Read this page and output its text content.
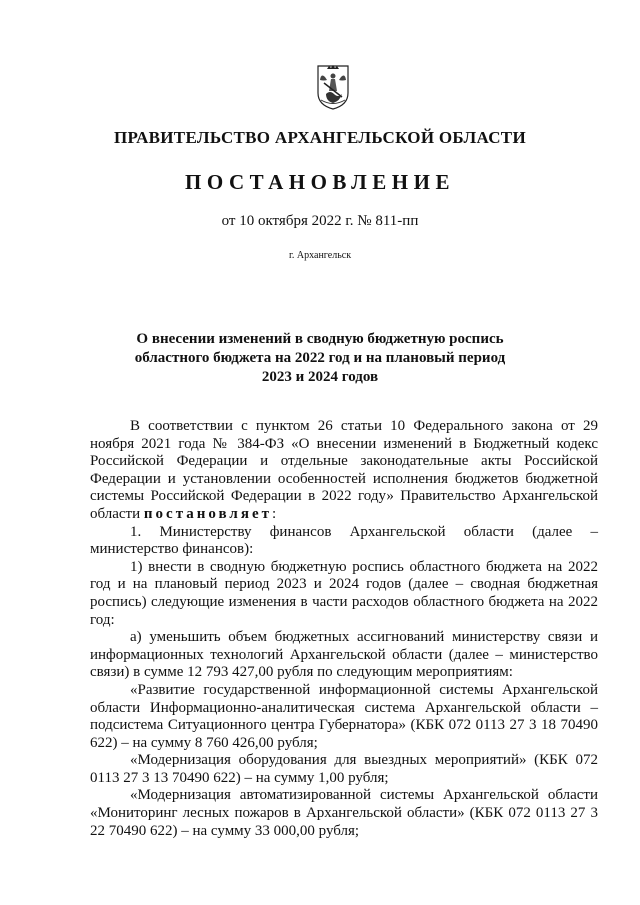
ПРАВИТЕЛЬСТВО АРХАНГЕЛЬСКОЙ ОБЛАСТИ
ПОСТАНОВЛЕНИЕ
от 10 октября 2022 г. № 811-пп
г. Архангельск
О внесении изменений в сводную бюджетную роспись
областного бюджета на 2022 год и на плановый период
2023 и 2024 годов

В соответствии с пунктом 26 статьи 10 Федерального закона от 29 ноября 2021 года № 384-ФЗ «О внесении изменений в Бюджетный кодекс Российской Федерации и отдельные законодательные акты Российской Федерации и установлении особенностей исполнения бюджетов бюджетной системы Российской Федерации в 2022 году» Правительство Архангельской области постановляет:

1. Министерству финансов Архангельской области (далее – министерство финансов):

1) внести в сводную бюджетную роспись областного бюджета на 2022 год и на плановый период 2023 и 2024 годов (далее – сводная бюджетная роспись) следующие изменения в части расходов областного бюджета на 2022 год:

а) уменьшить объем бюджетных ассигнований министерству связи и информационных технологий Архангельской области (далее – министерство связи) в сумме 12 793 427,00 рубля по следующим мероприятиям:

«Развитие государственной информационной системы Архангельской области Информационно-аналитическая система Архангельской области – подсистема Ситуационного центра Губернатора» (КБК 072 0113 27 3 18 70490 622) – на сумму 8 760 426,00 рубля;

«Модернизация оборудования для выездных мероприятий» (КБК 072 0113 27 3 13 70490 622) – на сумму 1,00 рубля;

«Модернизация автоматизированной системы Архангельской области «Мониторинг лесных пожаров в Архангельской области» (КБК 072 0113 27 3 22 70490 622) – на сумму 33 000,00 рубля;
